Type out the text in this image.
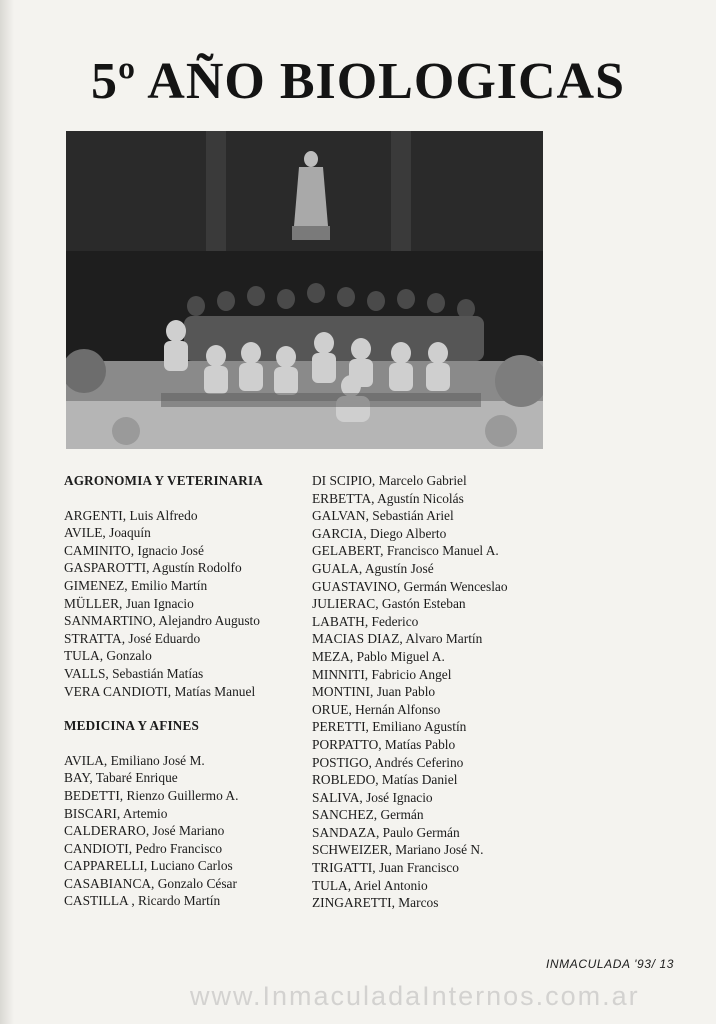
5º AÑO BIOLOGICAS
AGRONOMIA Y VETERINARIA
ARGENTI, Luis Alfredo
AVILE, Joaquín
CAMINITO, Ignacio José
GASPAROTTI, Agustín Rodolfo
GIMENEZ, Emilio Martín
MÜLLER, Juan Ignacio
SANMARTINO, Alejandro Augusto
STRATTA, José Eduardo
TULA, Gonzalo
VALLS, Sebastián Matías
VERA CANDIOTI, Matías Manuel
MEDICINA Y AFINES
AVILA, Emiliano José M.
BAY, Tabaré Enrique
BEDETTI, Rienzo Guillermo A.
BISCARI, Artemio
CALDERARO, José Mariano
CANDIOTI, Pedro Francisco
CAPPARELLI, Luciano Carlos
CASABIANCA, Gonzalo César
CASTILLA , Ricardo Martín
DI SCIPIO, Marcelo Gabriel
ERBETTA, Agustín Nicolás
GALVAN, Sebastián Ariel
GARCIA, Diego Alberto
GELABERT, Francisco Manuel A.
GUALA, Agustín José
GUASTAVINO, Germán Wenceslao
JULIERAC, Gastón Esteban
LABATH, Federico
MACIAS DIAZ, Alvaro Martín
MEZA, Pablo Miguel A.
MINNITI, Fabricio Angel
MONTINI, Juan Pablo
ORUE, Hernán Alfonso
PERETTI, Emiliano Agustín
PORPATTO, Matías Pablo
POSTIGO, Andrés Ceferino
ROBLEDO, Matías Daniel
SALIVA, José Ignacio
SANCHEZ, Germán
SANDAZA, Paulo Germán
SCHWEIZER, Mariano José N.
TRIGATTI, Juan Francisco
TULA, Ariel Antonio
ZINGARETTI, Marcos
INMACULADA '93/ 13
www.InmaculadaInternos.com.ar
